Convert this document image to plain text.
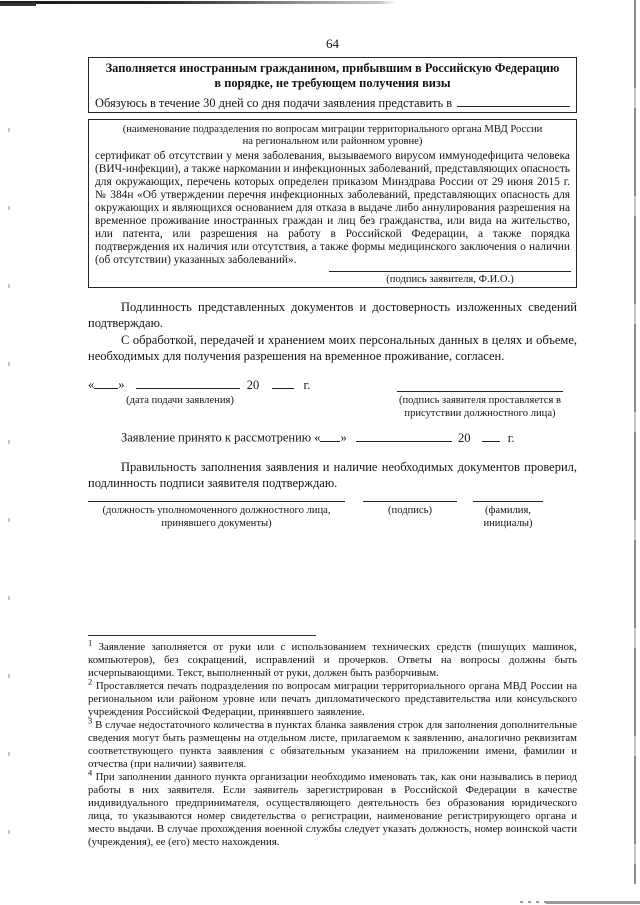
64
Заполняется иностранным гражданином, прибывшим в Российскую Федерацию
в порядке, не требующем получения визы
Обязуюсь в течение 30 дней со дня подачи заявления представить в
(наименование подразделения по вопросам миграции территориального органа МВД России
на региональном или районном уровне)
сертификат об отсутствии у меня заболевания, вызываемого вирусом иммунодефицита человека (ВИЧ-инфекции), а также наркомании и инфекционных заболеваний, представляющих опасность для окружающих, перечень которых определен приказом Минздрава России от 29 июня 2015 г. № 384н «Об утверждении перечня инфекционных заболеваний, представляющих опасность для окружающих и являющихся основанием для отказа в выдаче либо аннулирования разрешения на временное проживание иностранных граждан и лиц без гражданства, или вида на жительство, или патента, или разрешения на работу в Российской Федерации, а также порядка подтверждения их наличия или отсутствия, а также формы медицинского заключения о наличии (об отсутствии) указанных заболеваний».
(подпись заявителя, Ф.И.О.)

Подлинность представленных документов и достоверность изложенных сведений подтверждаю.

С обработкой, передачей и хранением моих персональных данных в целях и объеме, необходимых для получения разрешения на временное проживание, согласен.

« »	20	г.
(дата подачи заявления)	(подпись заявителя проставляется в
присутствии должностного лица)
Заявление принято к рассмотрению « »	20	г.
Правильность заполнения заявления и наличие необходимых документов проверил, подлинность подписи заявителя подтверждаю.
(должность уполномоченного должностного лица,
принявшего документы)
(подпись)	(фамилия,
инициалы)

$^1$ Заявление заполняется от руки или с использованием технических средств (пишущих машинок, компьютеров), без сокращений, исправлений и прочерков. Ответы на вопросы должны быть исчерпывающими. Текст, выполненный от руки, должен быть разборчивым.

$^2$ Проставляется печать подразделения по вопросам миграции территориального органа МВД России на региональном или районом уровне или печать дипломатического представительства или консульского учреждения Российской Федерации, принявшего заявление.

$^3$ В случае недостаточного количества в пунктах бланка заявления строк для заполнения дополнительные сведения могут быть размещены на отдельном листе, прилагаемом к заявлению, аналогично реквизитам соответствующего пункта заявления с обязательным указанием на приложении имени, фамилии и отчества (при наличии) заявителя.

$^4$ При заполнении данного пункта организации необходимо именовать так, как они назывались в период работы в них заявителя. Если заявитель зарегистрирован в Российской Федерации в качестве индивидуального предпринимателя, осуществляющего деятельность без образования юридического лица, то указываются номер свидетельства о регистрации, наименование регистрирующего органа и место выдачи. В случае прохождения военной службы следует указать должность, номер воинской части (учреждения), ее (его) место нахождения.
